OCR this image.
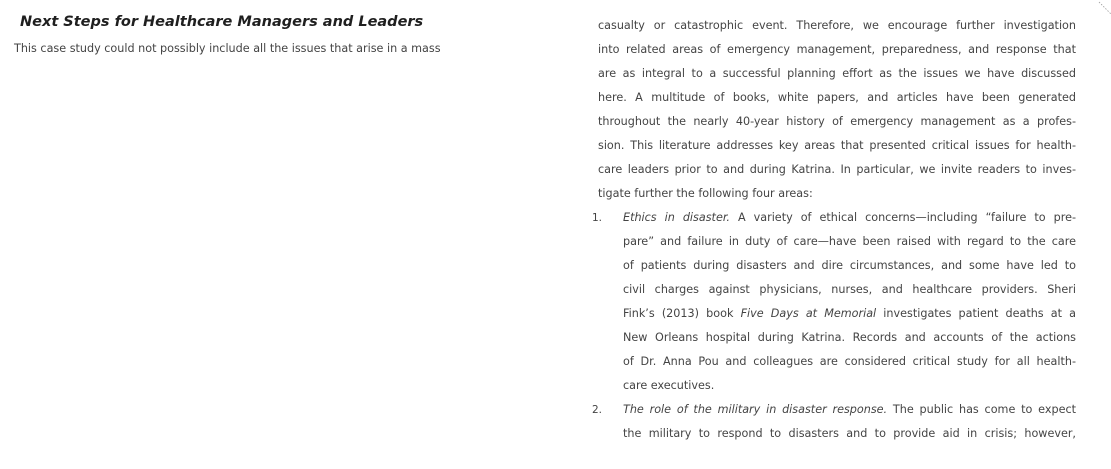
Next Steps for Healthcare Managers and Leaders
This case study could not possibly include all the issues that arise in a mass
casualty or catastrophic event. Therefore, we encourage further investigation
into related areas of emergency management, preparedness, and response that
are as integral to a successful planning effort as the issues we have discussed
here. A multitude of books, white papers, and articles have been generated
throughout the nearly 40-year history of emergency management as a profes-
sion. This literature addresses key areas that presented critical issues for health-
care leaders prior to and during Katrina. In particular, we invite readers to inves-
tigate further the following four areas:
1.	Ethics in disaster. A variety of ethical concerns—including “failure to pre-
pare” and failure in duty of care—have been raised with regard to the care
of patients during disasters and dire circumstances, and some have led to
civil charges against physicians, nurses, and healthcare providers. Sheri
Fink’s (2013) book Five Days at Memorial investigates patient deaths at a
New Orleans hospital during Katrina. Records and accounts of the actions
of Dr. Anna Pou and colleagues are considered critical study for all health-
care executives.
2.	The role of the military in disaster response. The public has come to expect
the military to respond to disasters and to provide aid in crisis; however,
